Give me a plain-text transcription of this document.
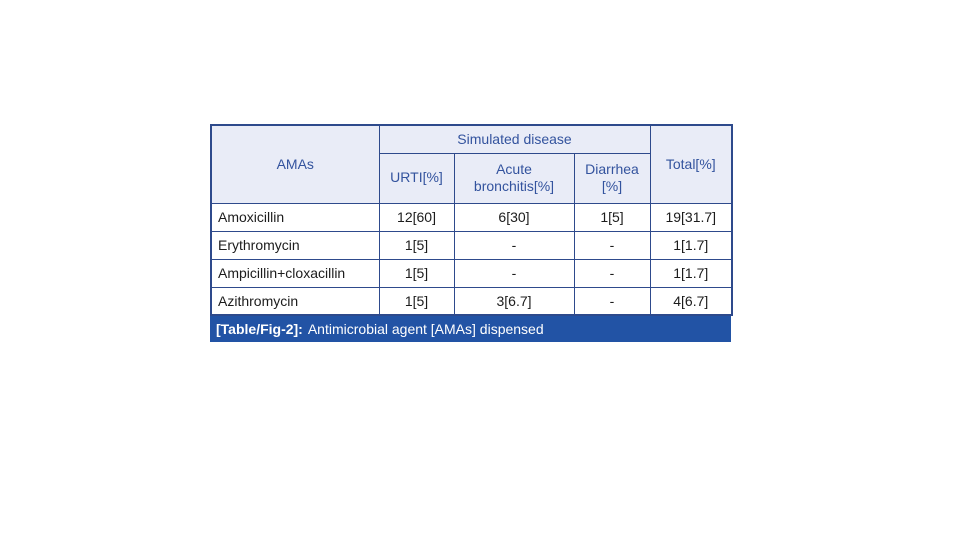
AMAs	Simulated disease			Total[%]
	URTI[%]	Acute bronchitis[%]	Diarrhea [%]	
Amoxicillin	12[60]	6[30]	1[5]	19[31.7]
Erythromycin	1[5]	-	-	1[1.7]
Ampicillin+cloxacillin	1[5]	-	-	1[1.7]
Azithromycin	1[5]	3[6.7]	-	4[6.7]
[Table/Fig-2]: Antimicrobial agent [AMAs] dispensed
